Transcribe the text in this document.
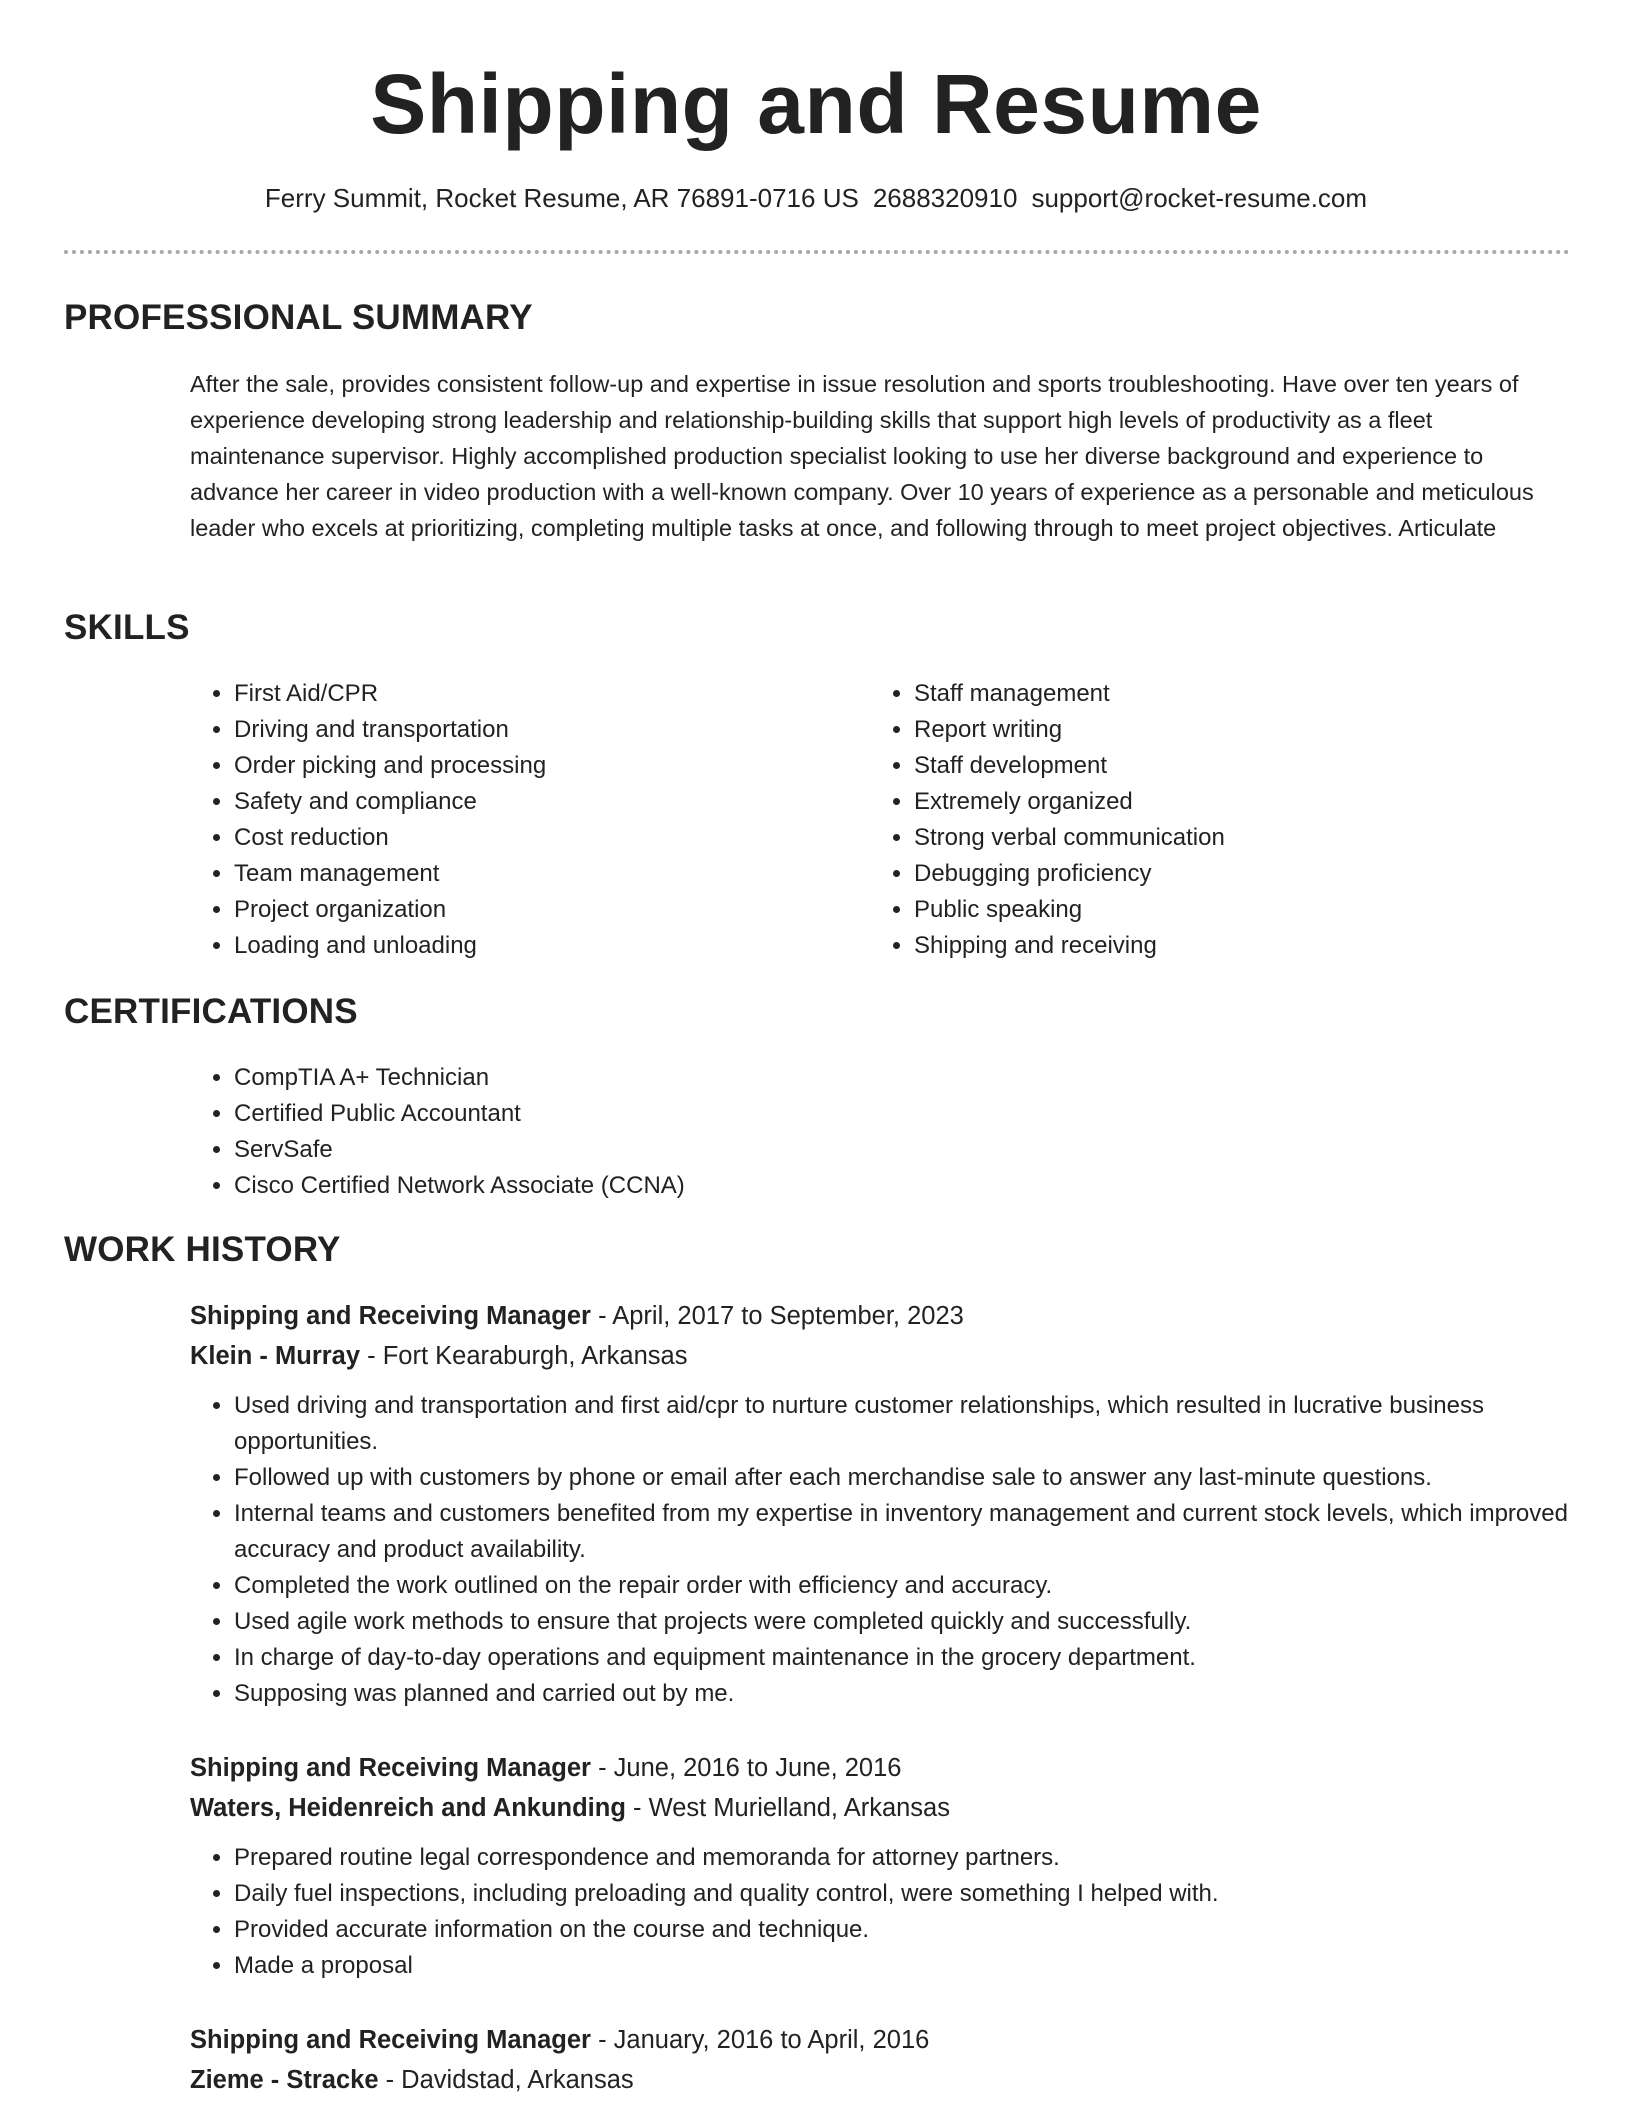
Shipping and Resume
Ferry Summit, Rocket Resume, AR 76891-0716 US 2688320910 support@rocket-resume.com
PROFESSIONAL SUMMARY
After the sale, provides consistent follow-up and expertise in issue resolution and sports troubleshooting. Have over ten years of experience developing strong leadership and relationship-building skills that support high levels of productivity as a fleet maintenance supervisor. Highly accomplished production specialist looking to use her diverse background and experience to advance her career in video production with a well-known company. Over 10 years of experience as a personable and meticulous leader who excels at prioritizing, completing multiple tasks at once, and following through to meet project objectives. Articulate
SKILLS
• First Aid/CPR
• Driving and transportation
• Order picking and processing
• Safety and compliance
• Cost reduction
• Team management
• Project organization
• Loading and unloading
• Staff management
• Report writing
• Staff development
• Extremely organized
• Strong verbal communication
• Debugging proficiency
• Public speaking
• Shipping and receiving
CERTIFICATIONS
• CompTIA A+ Technician
• Certified Public Accountant
• ServSafe
• Cisco Certified Network Associate (CCNA)
WORK HISTORY
Shipping and Receiving Manager - April, 2017 to September, 2023
Klein - Murray - Fort Kearaburgh, Arkansas
• Used driving and transportation and first aid/cpr to nurture customer relationships, which resulted in lucrative business opportunities.
• Followed up with customers by phone or email after each merchandise sale to answer any last-minute questions.
• Internal teams and customers benefited from my expertise in inventory management and current stock levels, which improved accuracy and product availability.
• Completed the work outlined on the repair order with efficiency and accuracy.
• Used agile work methods to ensure that projects were completed quickly and successfully.
• In charge of day-to-day operations and equipment maintenance in the grocery department.
• Supposing was planned and carried out by me.
Shipping and Receiving Manager - June, 2016 to June, 2016
Waters, Heidenreich and Ankunding - West Murielland, Arkansas
• Prepared routine legal correspondence and memoranda for attorney partners.
• Daily fuel inspections, including preloading and quality control, were something I helped with.
• Provided accurate information on the course and technique.
• Made a proposal
Shipping and Receiving Manager - January, 2016 to April, 2016
Zieme - Stracke - Davidstad, Arkansas
